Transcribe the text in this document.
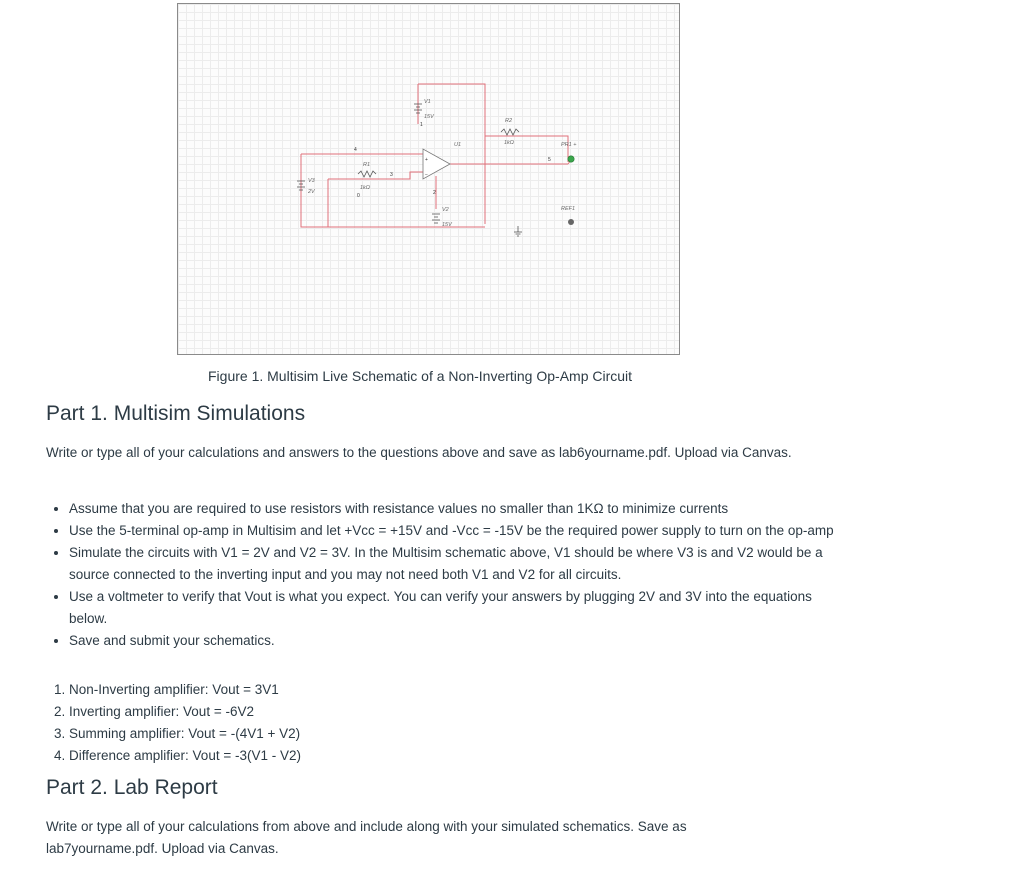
+
−
V1
15V
V2
15V
V3
2V
R1
1kΩ
R2
1kΩ
U1	PR1 +
REF1
4
3
1
2
0
5
Figure 1. Multisim Live Schematic of a Non-Inverting Op-Amp Circuit
Part 1. Multisim Simulations

Write or type all of your calculations and answers to the questions above and save as lab6yourname.pdf. Upload via Canvas.

• Assume that you are required to use resistors with resistance values no smaller than 1KΩ to minimize currents
• Use the 5-terminal op-amp in Multisim and let +Vcc = +15V and -Vcc = -15V be the required power supply to turn on the op-amp
• Simulate the circuits with V1 = 2V and V2 = 3V. In the Multisim schematic above, V1 should be where V3 is and V2 would be a source connected to the inverting input and you may not need both V1 and V2 for all circuits.
• Use a voltmeter to verify that Vout is what you expect. You can verify your answers by plugging 2V and 3V into the equations below.
• Save and submit your schematics.
1. Non-Inverting amplifier: Vout = 3V1
2. Inverting amplifier: Vout = -6V2
3. Summing amplifier: Vout = -(4V1 + V2)
4. Difference amplifier: Vout = -3(V1 - V2)
Part 2. Lab Report

Write or type all of your calculations from above and include along with your simulated schematics. Save as lab7yourname.pdf. Upload via Canvas.
